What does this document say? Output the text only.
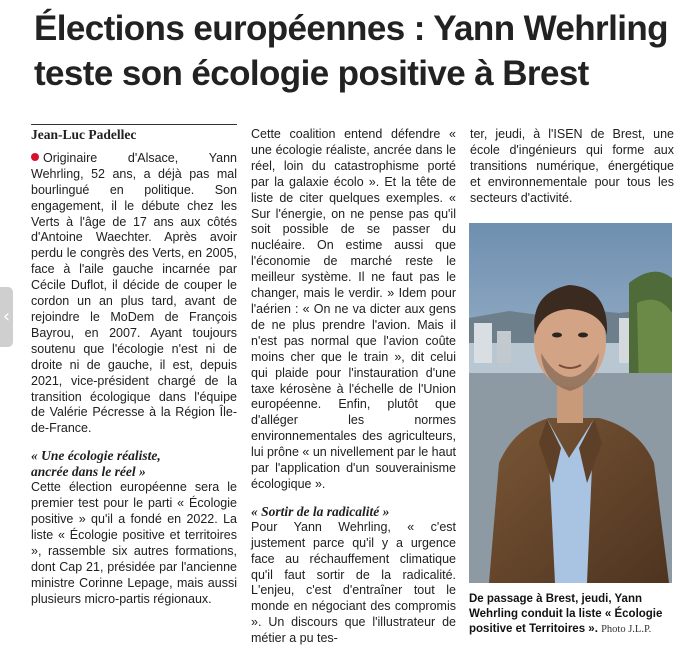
Élections européennes : Yann Wehrling
teste son écologie positive à Brest
‹
Jean-Luc Padellec

Originaire d'Alsace, Yann Wehrling, 52 ans, a déjà pas mal bourlingué en politique. Son engagement, il le débute chez les Verts à l'âge de 17 ans aux côtés d'Antoine Waechter. Après avoir perdu le congrès des Verts, en 2005, face à l'aile gauche incarnée par Cécile Duflot, il décide de couper le cordon un an plus tard, avant de rejoindre le MoDem de François Bayrou, en 2007. Ayant toujours soutenu que l'écologie n'est ni de droite ni de gauche, il est, depuis 2021, vice-président chargé de la transition écologique dans l'équipe de Valérie Pécresse à la Région Île-de-France.

« Une écologie réaliste,
ancrée dans le réel »

Cette élection européenne sera le premier test pour le parti « Écologie positive » qu'il a fondé en 2022. La liste « Écologie positive et territoires », rassemble six autres formations, dont Cap 21, présidée par l'ancienne ministre Corinne Lepage, mais aussi plusieurs micro-partis régionaux.

Cette coalition entend défendre « une écologie réaliste, ancrée dans le réel, loin du catastrophisme porté par la galaxie écolo ». Et la tête de liste de citer quelques exemples. « Sur l'énergie, on ne pense pas qu'il soit possible de se passer du nucléaire. On estime aussi que l'économie de marché reste le meilleur système. Il ne faut pas le changer, mais le verdir. » Idem pour l'aérien : « On ne va dicter aux gens de ne plus prendre l'avion. Mais il n'est pas normal que l'avion coûte moins cher que le train », dit celui qui plaide pour l'instauration d'une taxe kérosène à l'échelle de l'Union européenne. Enfin, plutôt que d'alléger les normes environnementales des agriculteurs, lui prône « un nivellement par le haut par l'application d'un souverainisme écologique ».

« Sortir de la radicalité »

Pour Yann Wehrling, « c'est justement parce qu'il y a urgence face au réchauffement climatique qu'il faut sortir de la radicalité. L'enjeu, c'est d'entraîner tout le monde en négociant des compromis ». Un discours que l'illustrateur de métier a pu tes-

ter, jeudi, à l'ISEN de Brest, une école d'ingénieurs qui forme aux transitions numérique, énergétique et environnementale pour tous les secteurs d'activité.

De passage à Brest, jeudi, Yann Wehrling conduit la liste « Écologie positive et Territoires ». Photo J.L.P.
